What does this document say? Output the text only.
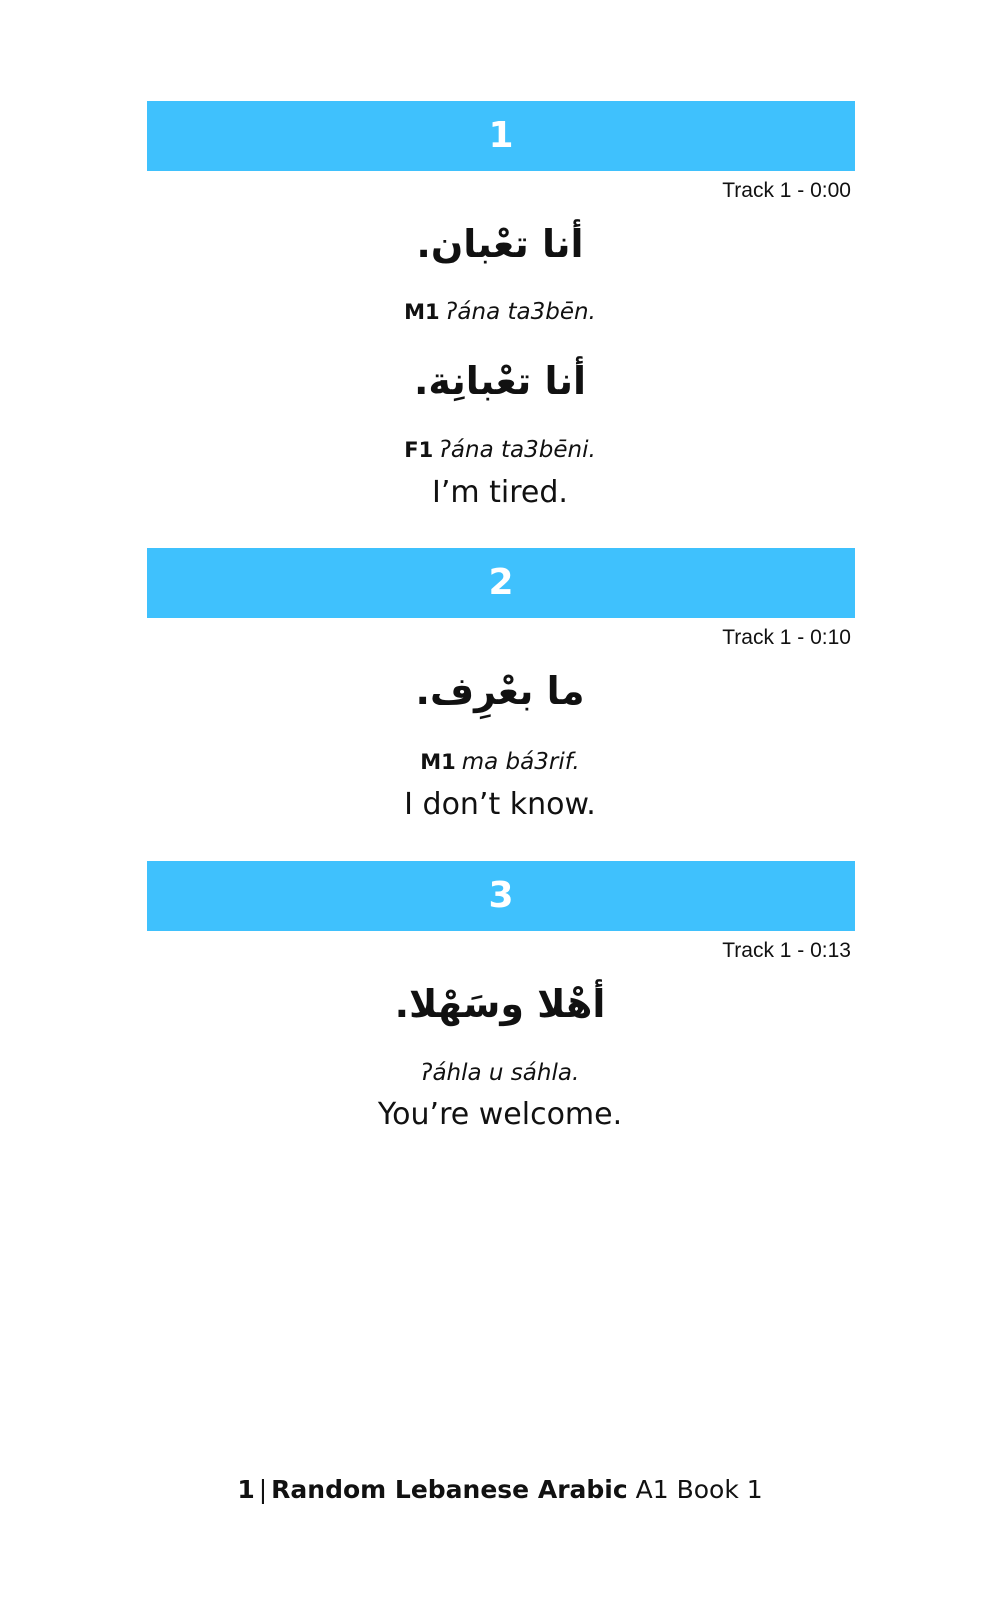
1
Track 1 - 0:00
أنا تعْبان.
M1 ʔána ta3bēn.
أنا تعْبانِة.
F1 ʔána ta3bēni.
I’m tired.
2
Track 1 - 0:10
ما بعْرِف.
M1 ma bá3rif.
I don’t know.
3
Track 1 - 0:13
أهْلا وسَهْلا.
ʔáhla u sáhla.
You’re welcome.
1 | Random Lebanese Arabic A1 Book 1
